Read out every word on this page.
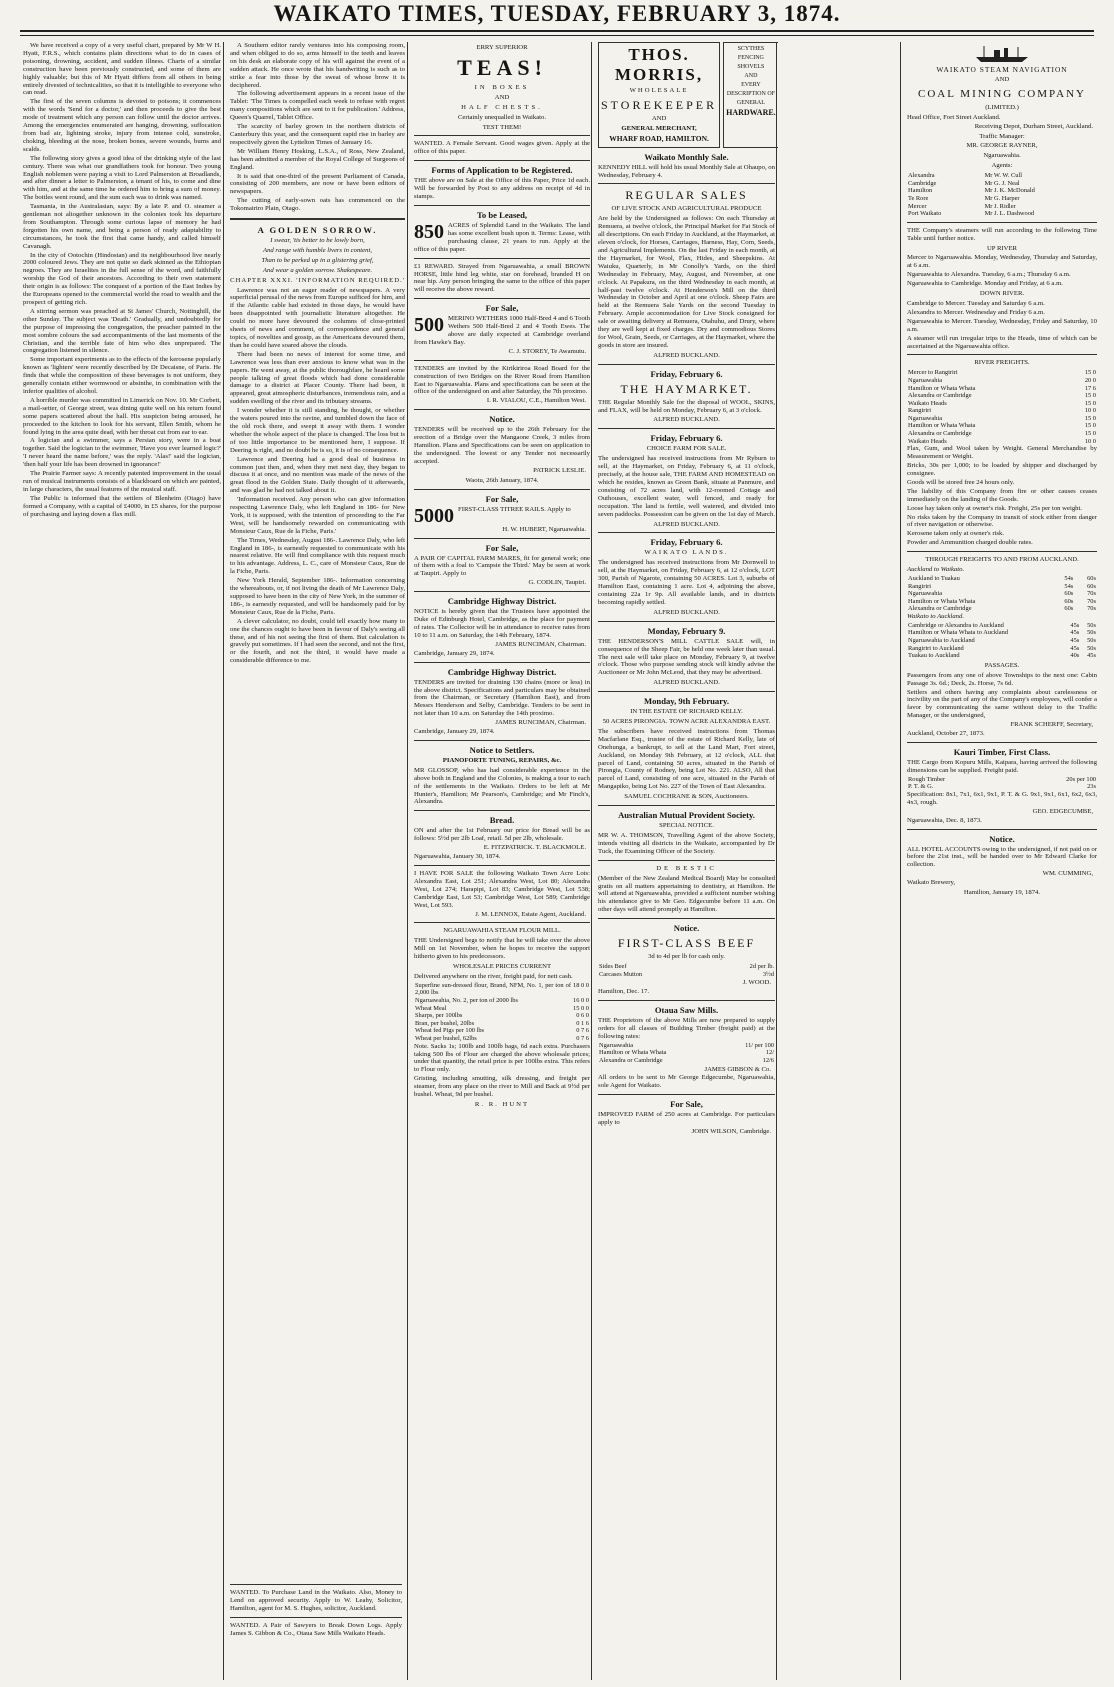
WAIKATO TIMES, TUESDAY, FEBRUARY 3, 1874.

We have received a copy of a very useful chart, prepared by Mr W H. Hyatt, F.R.S., which contains plain directions what to do in cases of poisoning, drowning, accident, and sudden illness. Charts of a similar construction have been previously constructed, and some of them are highly valuable; but this of Mr Hyatt differs from all others in being entirely divested of technicalities, so that it is intelligible to everyone who can read.

The first of the seven columns is devoted to poisons; it commences with the words 'Send for a doctor,' and then proceeds to give the best mode of treatment which any person can follow until the doctor arrives. Among the emergencies enumerated are hanging, drowning, suffocation from bad air, lightning stroke, injury from intense cold, sunstroke, choking, bleeding at the nose, broken bones, severe wounds, burns and scalds.

The following story gives a good idea of the drinking style of the last century. There was what our grandfathers took for honour. Two young English noblemen were paying a visit to Lord Palmerston at Broadlands, and after dinner a letter to Palmerston, a tenant of his, to come and dine with him, and at the same time he ordered him to bring a sum of money. The bottles went round, and the sum each was to drink was named.

Tasmania, in the Australasian, says: By a late P. and O. steamer a gentleman not altogether unknown in the colonies took his departure from Southampton. Through some curious lapse of memory he had forgotten his own name, and being a person of ready adaptability to circumstances, he took the first that came handy, and called himself Cavanagh.

In the city of Ootochin (Hindostan) and its neighbourhood live nearly 2000 coloured Jews. They are not quite so dark skinned as the Ethiopian negroes. They are Israelites in the full sense of the word, and faithfully worship the God of their ancestors. According to their own statement their origin is as follows: The conquest of a portion of the East Indies by the Europeans opened to the commercial world the road to wealth and the prospect of getting rich.

A stirring sermon was preached at St James' Church, Nottinghill, the other Sunday. The subject was 'Death.' Gradually, and undoubtedly for the purpose of impressing the congregation, the preacher painted in the most sombre colours the sad accompaniments of the last moments of the Christian, and the terrible fate of him who dies unprepared. The congregation listened in silence.

Some important experiments as to the effects of the kerosene popularly known as 'lighters' were recently described by Dr Decaisne, of Paris. He finds that while the composition of these beverages is not uniform, they generally contain either wormwood or absinthe, in combination with the inferior qualities of alcohol.

A horrible murder was committed in Limerick on Nov. 10. Mr Corbett, a mail-setter, of George street, was dining quite well on his return found some papers scattered about the hall. His suspicion being aroused, he proceeded to the kitchen to look for his servant, Ellen Smith, whom he found lying in the area quite dead, with her throat cut from ear to ear.

A logician and a swimmer, says a Persian story, were in a boat together. Said the logician to the swimmer, 'Have you ever learned logic?' 'I never heard the name before,' was the reply. 'Alas!' said the logician, 'then half your life has been drowned in ignorance!'

The Prairie Farmer says: A recently patented improvement in the usual run of musical instruments consists of a blackboard on which are painted, in large characters, the usual features of the musical staff.

The Public is informed that the settlers of Blenheim (Otago) have formed a Company, with a capital of £4000, in £5 shares, for the purpose of purchasing and laying down a flax mill.

A Southern editor rarely ventures into his composing room, and when obliged to do so, arms himself to the teeth and leaves on his desk an elaborate copy of his will against the event of a sudden attack. He once wrote that his handwriting is such as to strike a fear into those by the sweat of whose brow it is deciphered.

The following advertisement appears in a recent issue of the Tablet: 'The Times is compelled each week to refuse with regret many compositions which are sent to it for publication.' Address, Queen's Quarrel, Tablet Office.

The scarcity of barley grown in the northern districts of Canterbury this year, and the consequent rapid rise in barley are respectively given the Lyttelton Times of January 16.

Mr William Henry Hosking, L.S.A., of Ross, New Zealand, has been admitted a member of the Royal College of Surgeons of England.

It is said that one-third of the present Parliament of Canada, consisting of 200 members, are now or have been editors of newspapers.

The cutting of early-sown oats has commenced on the Tokomairiro Plain, Otago.

A GOLDEN SORROW.
I swear, 'tis better to be lowly born,
And range with humble livers in content,
Than to be perked up in a glistering grief,
And wear a golden sorrow. Shakespeare.
CHAPTER XXXI. 'INFORMATION REQUIRED.'

Lawrence was not an eager reader of newspapers. A very superficial perusal of the news from Europe sufficed for him, and if the Atlantic cable had existed in those days, he would have been disappointed with journalistic literature altogether. He could no more have devoured the columns of close-printed sheets of news and comment, of correspondence and general topics, of novelties and gossip, as the Americans devoured them, than he could have soared above the clouds.

There had been no news of interest for some time, and Lawrence was less than ever anxious to know what was in the papers. He went away, at the public thoroughfare, he heard some people talking of great floods which had done considerable damage to a district at Placer County. There had been, it appeared, great atmospheric disturbances, tremendous rain, and a sudden swelling of the river and its tributary streams.

I wonder whether it is still standing, he thought, or whether the waters poured into the ravine, and tumbled down the face of the old rock there, and swept it away with them. I wonder whether the whole aspect of the place is changed. The loss but is of too little importance to be mentioned here, I suppose. If Deering is right, and no doubt he is so, it is of no consequence.

Lawrence and Deering had a good deal of business in common just then, and, when they met next day, they began to discuss it at once, and no mention was made of the news of the great flood in the Golden State. Daily thought of it afterwards, and was glad he had not talked about it.

'Information received. Any person who can give information respecting Lawrence Daly, who left England in 186- for New York, it is supposed, with the intention of proceeding to the Far West, will be handsomely rewarded on communicating with Monsieur Caux, Rue de la Fiche, Paris.'

The Times, Wednesday, August 186-. Lawrence Daly, who left England in 186-, is earnestly requested to communicate with his nearest relative. He will find compliance with this request much to his advantage. Address, L. C., care of Monsieur Caux, Rue de la Fiche, Paris.

New York Herald, September 186-. Information concerning the whereabouts, or, if not living the death of Mr Lawrence Daly, supposed to have been in the city of New York, in the summer of 186-, is earnestly requested, and will be handsomely paid for by Monsieur Caux, Rue de la Fiche, Paris.

A clever calculator, no doubt, could tell exactly how many to one the chances ought to have been in favour of Daly's seeing all these, and of his not seeing the first of them. But calculation is gravely put sometimes. If I had seen the second, and not the first, or the fourth, and not the third, it would have made a considerable difference to me.

ERRY SUPERIOR
TEAS!
IN BOXES
AND
HALF CHESTS.
Certainly unequalled in Waikato.
TEST THEM!

WANTED. A Female Servant. Good wages given. Apply at the office of this paper.

Forms of Application to be Registered.

THE above are on Sale at the Office of this Paper, Price 1d each. Will be forwarded by Post to any address on receipt of 4d in stamps.

To be Leased,

850 ACRES of Splendid Land in the Waikato. The land has some excellent bush upon it. Terms: Lease, with purchasing clause, 21 years to run. Apply at the office of this paper.

£1 REWARD. Strayed from Ngaruawahia, a small BROWN HORSE, little hind leg white, star on forehead, branded H on near hip. Any person bringing the same to the office of this paper will receive the above reward.

For Sale,

500 MERINO WETHERS 1000 Half-Bred 4 and 6 Tooth Wethers 500 Half-Bred 2 and 4 Tooth Ewes. The above are daily expected at Cambridge overland from Hawke's Bay.

C. J. STOREY, Te Awamutu.

TENDERS are invited by the Kirikiriroa Road Board for the construction of two Bridges on the River Road from Hamilton East to Ngaruawahia. Plans and specifications can be seen at the office of the undersigned on and after Saturday, the 7th proximo.

I. R. VIALOU, C.E., Hamilton West.
Notice.

TENDERS will be received up to the 26th February for the erection of a Bridge over the Mangaone Creek, 3 miles from Hamilton. Plans and Specifications can be seen on application to the undersigned. The lowest or any Tender not necessarily accepted.

PATRICK LESLIE.
Waotu, 26th January, 1874.
For Sale,

5000 FIRST-CLASS TITREE RAILS. Apply to

H. W. HUBERT, Ngaruawahia.
For Sale,

A PAIR OF CAPITAL FARM MARES, fit for general work; one of them with a foal to 'Campsie the Third.' May be seen at work at Taupiri. Apply to

G. CODLIN, Taupiri.
Cambridge Highway District.

NOTICE is hereby given that the Trustees have appointed the Duke of Edinburgh Hotel, Cambridge, as the place for payment of rates. The Collector will be in attendance to receive rates from 10 to 11 a.m. on Saturday, the 14th February, 1874.

JAMES RUNCIMAN, Chairman.
Cambridge, January 29, 1874.
Cambridge Highway District.

TENDERS are invited for draining 130 chains (more or less) in the above district. Specifications and particulars may be obtained from the Chairman, or Secretary (Hamilton East), and from Messrs Henderson and Selby, Cambridge. Tenders to be sent in not later than 10 a.m. on Saturday the 14th proximo.

JAMES RUNCIMAN, Chairman.
Cambridge, January 29, 1874.
Notice to Settlers.
PIANOFORTE TUNING, REPAIRS, &c.

MR GLOSSOP, who has had considerable experience in the above both in England and the Colonies, is making a tour to each of the settlements in the Waikato. Orders to be left at Mr Hunter's, Hamilton; Mr Pearson's, Cambridge; and Mr Finch's, Alexandra.

Bread.

ON and after the 1st February our price for Bread will be as follows: 5½d per 2lb Loaf, retail. 5d per 2lb, wholesale.

E. FITZPATRICK. T. BLACKMOLE.
Ngaruawahia, January 30, 1874.

I HAVE FOR SALE the following Waikato Town Acre Lots: Alexandra East, Lot 251; Alexandra West, Lot 80; Alexandra West, Lot 274; Harapipi, Lot 83; Cambridge West, Lot 538; Cambridge East, Lot 53; Cambridge West, Lot 589; Cambridge West, Lot 593.

J. M. LENNOX, Estate Agent, Auckland.
NGARUAWAHIA STEAM FLOUR MILL.

THE Undersigned begs to notify that he will take over the above Mill on 1st November, when he hopes to receive the support hitherto given to his predecessors.

WHOLESALE PRICES CURRENT

Delivered anywhere on the river, freight paid, for nett cash.

Superfine sun-dressed flour, Brand, NFM, No. 1, per ton of 2,000 lbs	18 0 0
Ngaruawahia, No. 2, per ton of 2000 lbs	16 0 0
Wheat Meal	15 0 0
Sharps, per 100lbs	0 6 0
Bran, per bushel, 20lbs	0 1 6
Wheat fed Pigs per 100 lbs	0 7 6
Wheat per bushel, 62lbs	0 7 6

Note. Sacks 1s; 100lb and 100lb bags, 6d each extra. Purchasers taking 500 lbs of Flour are charged the above wholesale prices; under that quantity, the retail price is per 100lbs extra. This refers to Flour only.

Gristing, including smutting, silk dressing, and freight per steamer, from any place on the river to Mill and Back at 9½d per bushel. Wheat, 9d per bushel.

R. R. HUNT
THOS. MORRIS,
WHOLESALE
STOREKEEPER
AND
GENERAL MERCHANT,
WHARF ROAD, HAMILTON.
SCYTHES
FENCING
SHOVELS
AND
EVERY DESCRIPTION OF
GENERAL
HARDWARE.
Waikato Monthly Sale.

KENNEDY HILL will hold his usual Monthly Sale at Ohaupo, on Wednesday, February 4.

REGULAR SALES
OF LIVE STOCK AND AGRICULTURAL PRODUCE

Are held by the Undersigned as follows: On each Thursday at Remuera, at twelve o'clock, the Principal Market for Fat Stock of all descriptions. On each Friday in Auckland, at the Haymarket, at eleven o'clock, for Horses, Carriages, Harness, Hay, Corn, Seeds, and Agricultural Implements. On the last Friday in each month, at the Haymarket, for Wool, Flax, Hides, and Sheepskins. At Waiuku, Quarterly, in Mr Conolly's Yards, on the third Wednesday in February, May, August, and November, at one o'clock. At Papakura, on the third Wednesday in each month, at half-past twelve o'clock. At Henderson's Mill on the third Wednesday in October and April at one o'clock. Sheep Fairs are held at the Remuera Sale Yards on the second Tuesday in February. Ample accommodation for Live Stock consigned for sale or awaiting delivery at Remuera, Otahuhu, and Drury, where they are well kept at fixed charges. Dry and commodious Stores for Wool, Grain, Seeds, or Carriages, at the Haymarket, where the goods in store are insured.

ALFRED BUCKLAND.
Friday, February 6.
THE HAYMARKET.

THE Regular Monthly Sale for the disposal of WOOL, SKINS, and FLAX, will be held on Monday, February 6, at 3 o'clock.

ALFRED BUCKLAND.
Friday, February 6.
CHOICE FARM FOR SALE.

The undersigned has received instructions from Mr Ryburn to sell, at the Haymarket, on Friday, February 6, at 11 o'clock, precisely, at the house sale, THE FARM AND HOMESTEAD on which he resides, known as Green Bank, situate at Panmure, and consisting of 72 acres land, with 12-roomed Cottage and Outhouses, excellent water, well fenced, and ready for occupation. The land is fertile, well watered, and divided into seven paddocks. Possession can be given on the 1st day of March.

ALFRED BUCKLAND.
Friday, February 6.
WAIKATO LANDS.

The undersigned has received instructions from Mr Dornwell to sell, at the Haymarket, on Friday, February 6, at 12 o'clock, LOT 300, Parish of Ngarote, containing 50 ACRES. Lot 3, suburbs of Hamilton East, containing 1 acre. Lot 4, adjoining the above, containing 22a 1r 9p. All available lands, and in districts becoming rapidly settled.

ALFRED BUCKLAND.
Monday, February 9.

THE HENDERSON'S MILL CATTLE SALE will, in consequence of the Sheep Fair, be held one week later than usual. The next sale will take place on Monday, February 9, at twelve o'clock. Those who purpose sending stock will kindly advise the Auctioneer or Mr John McLeod, that they may be advertised.

ALFRED BUCKLAND.
Monday, 9th February.
IN THE ESTATE OF RICHARD KELLY.
50 ACRES PIRONGIA. TOWN ACRE ALEXANDRA EAST.

The subscribers have received instructions from Thomas Macfarlane Esq., trustee of the estate of Richard Kelly, late of Onehunga, a bankrupt, to sell at the Land Mart, Fort street, Auckland, on Monday 9th February, at 12 o'clock, ALL that parcel of Land, containing 50 acres, situated in the Parish of Pirongia, County of Rodney, being Lot No. 221. ALSO, All that parcel of Land, consisting of one acre, situated in the Parish of Mangapiko, being Lot No. 227 of the Town of East Alexandra.

SAMUEL COCHRANE & SON, Auctioneers.
Australian Mutual Provident Society.
SPECIAL NOTICE.

MR W. A. THOMSON, Travelling Agent of the above Society, intends visiting all districts in the Waikato, accompanied by Dr Tuck, the Examining Officer of the Society.

DE BESTIC

(Member of the New Zealand Medical Board) May be consulted gratis on all matters appertaining to dentistry, at Hamilton. He will attend at Ngaruawahia, provided a sufficient number wishing his attendance give to Mr Geo. Edgecumbe before 11 a.m. On other days will attend promptly at Hamilton.

Notice.
FIRST-CLASS BEEF
3d to 4d per lb for cash only.
Sides Beef	2d per lb.
Carcases Mutton	3½d
J. WOOD.
Hamilton, Dec. 17.
Otaua Saw Mills.

THE Proprietors of the above Mills are now prepared to supply orders for all classes of Building Timber (freight paid) at the following rates:

Ngaruawahia	11/ per 100
Hamilton or Whata Whata	12/
Alexandra or Cambridge	12/6
JAMES GIBBON & Co.

All orders to be sent to Mr George Edgecumbe, Ngaruawahia, sole Agent for Waikato.

For Sale,

IMPROVED FARM of 250 acres at Cambridge. For particulars apply to

JOHN WILSON, Cambridge.
WAIKATO STEAM NAVIGATION
AND
COAL MINING COMPANY
(LIMITED.)
Head Office, Fort Street Auckland.
Receiving Depot, Durham Street, Auckland.
Traffic Manager:
MR. GEORGE RAYNER,
Ngaruawahia.
Agents:
Alexandra	Mr W. W. Cull
Cambridge	Mr G. J. Neal
Hamilton	Mr J. K. McDonald
Te Rore	Mr G. Harper
Mercer	Mr J. Ridler
Port Waikato	Mr J. L. Dashwood

THE Company's steamers will run according to the following Time Table until further notice.

UP RIVER

Mercer to Ngaruawahia. Monday, Wednesday, Thursday and Saturday, at 6 a.m.

Ngaruawahia to Alexandra. Tuesday, 6 a.m.; Thursday 6 a.m.

Ngaruawahia to Cambridge. Monday and Friday, at 6 a.m.

DOWN RIVER.

Cambridge to Mercer. Tuesday and Saturday 6 a.m.

Alexandra to Mercer. Wednesday and Friday 6 a.m.

Ngaruawahia to Mercer. Tuesday, Wednesday, Friday and Saturday, 10 a.m.

A steamer will run irregular trips to the Heads, time of which can be ascertained at the Ngaruawahia office.

RIVER FREIGHTS.
Mercer to Rangiriri	15 0
Ngaruawahia	20 0
Hamilton or Whata Whata	17 6
Alexandra or Cambridge	15 0
Waikato Heads	15 0
Rangiriri	10 0
Ngaruawahia	15 0
Hamilton or Whata Whata	15 0
Alexandra or Cambridge	15 0
Waikato Heads	10 0

Flax, Gum, and Wool taken by Weight. General Merchandise by Measurement or Weight.

Bricks, 30s per 1,000; to be loaded by shipper and discharged by consignee.

Goods will be stored free 24 hours only.

The liability of this Company from fire or other causes ceases immediately on the landing of the Goods.

Loose hay taken only at owner's risk. Freight, 25s per ton weight.

No risks taken by the Company in transit of stock either from danger of river navigation or otherwise.

Kerosene taken only at owner's risk.

Powder and Ammunition charged double rates.

THROUGH FREIGHTS TO AND FROM AUCKLAND.
Auckland to Waikato.
Auckland to Tuakau	54s	60s
Rangiriri	54s	60s
Ngaruawahia	60s	70s
Hamilton or Whata Whata	60s	70s
Alexandra or Cambridge	60s	70s
Waikato to Auckland.
Cambridge or Alexandra to Auckland	45s	50s
Hamilton or Whata Whata to Auckland	45s	50s
Ngaruawahia to Auckland	45s	50s
Rangiriri to Auckland	45s	50s
Tuakau to Auckland	40s	45s
PASSAGES.

Passengers from any one of above Townships to the next one: Cabin Passage 3s. 6d.; Deck, 2s. Horse, 7s 6d.

Settlers and others having any complaints about carelessness or incivility on the part of any of the Company's employees, will confer a favor by communicating the same without delay to the Traffic Manager, or the undersigned,

FRANK SCHERFF, Secretary,
Auckland, October 27, 1873.
Kauri Timber, First Class.

THE Cargo from Kopuru Mills, Kaipara, having arrived the following dimensions can be supplied. Freight paid.

Rough Timber	20s per 100
P. T. & G.	23s

Specification: 8x1, 7x1, 6x1, 9x1, P. T. & G. 9x1, 9x1, 6x1, 6x2, 6x3, 4x3, rough.

GEO. EDGECUMBE,
Ngaruawahia, Dec. 8, 1873.
Notice.

ALL HOTEL ACCOUNTS owing to the undersigned, if not paid on or before the 21st inst., will be handed over to Mr Edward Clarke for collection.

WM. CUMMING,
Waikato Brewery,
Hamilton, January 19, 1874.

WANTED. To Purchase Land in the Waikato. Also, Money to Lend on approved security. Apply to W. Leahy, Solicitor, Hamilton, agent for M. S. Hughes, solicitor, Auckland.

WANTED. A Pair of Sawyers to Break Down Logs. Apply James S. Gibbon & Co., Otaua Saw Mills Waikato Heads.
